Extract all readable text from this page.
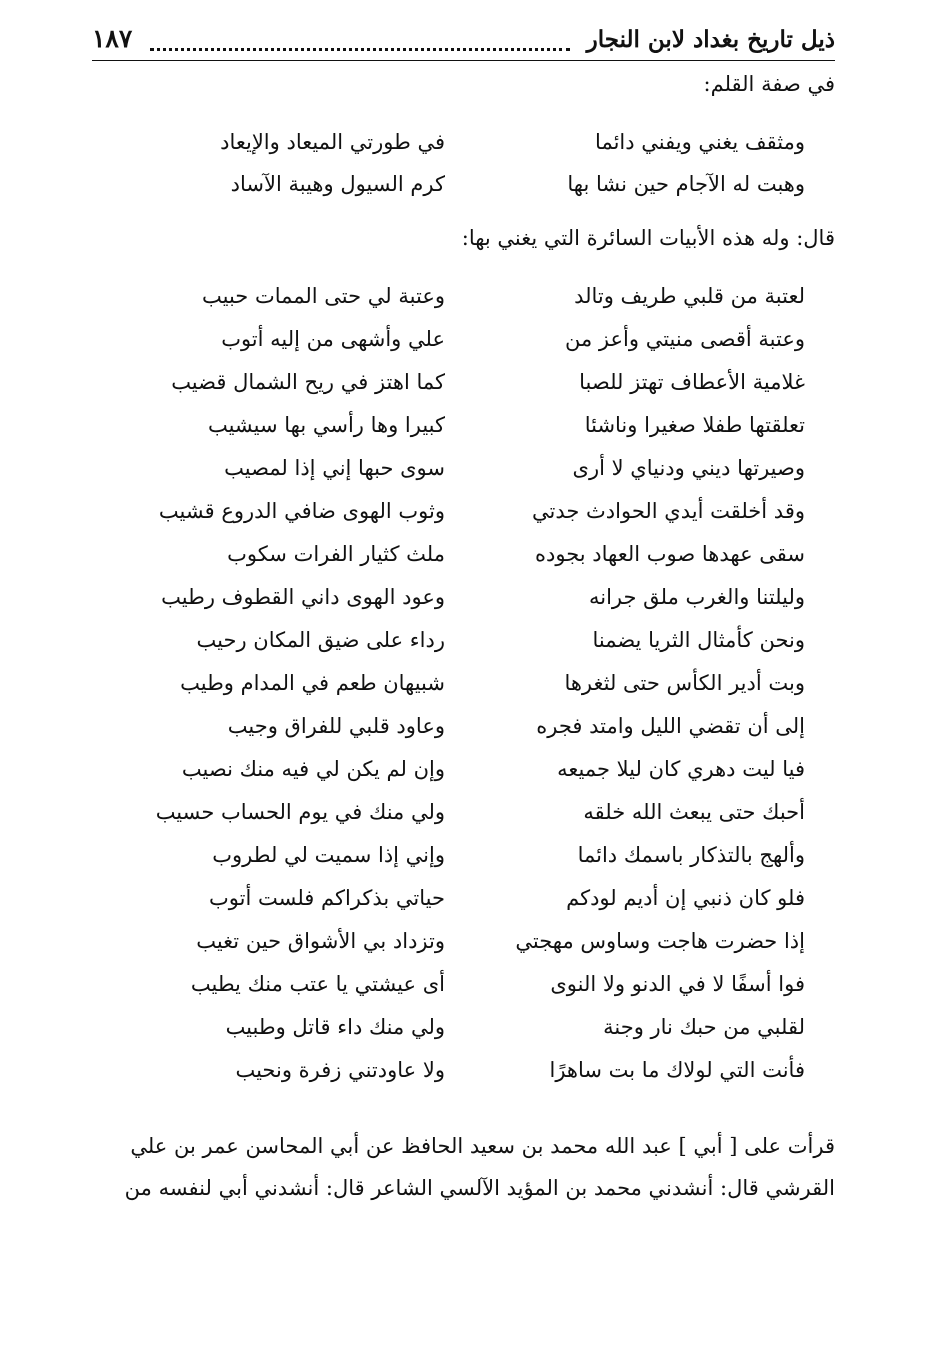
ذيل تاريخ بغداد لابن النجار
١٨٧
في صفة القلم:
ومثقف يغني ويفني دائما
في طورتي الميعاد والإيعاد
وهبت له الآجام حين نشا بها
كرم السيول وهيبة الآساد
قال: وله هذه الأبيات السائرة التي يغني بها:
لعتبة من قلبي طريف وتالد
وعتبة لي حتى الممات حبيب
وعتبة أقصى منيتي وأعز من
علي وأشهى من إليه أتوب
غلامية الأعطاف تهتز للصبا
كما اهتز في ريح الشمال قضيب
تعلقتها طفلا صغيرا وناشئا
كبيرا وها رأسي بها سيشيب
وصيرتها ديني ودنياي لا أرى
سوى حبها إني إذا لمصيب
وقد أخلقت أيدي الحوادث جدتي
وثوب الهوى ضافي الدروع قشيب
سقى عهدها صوب العهاد بجوده
ملث كثيار الفرات سكوب
وليلتنا والغرب ملق جرانه
وعود الهوى داني القطوف رطيب
ونحن كأمثال الثريا يضمنا
رداء على ضيق المكان رحيب
وبت أدير الكأس حتى لثغرها
شبيهان طعم في المدام وطيب
إلى أن تقضي الليل وامتد فجره
وعاود قلبي للفراق وجيب
فيا ليت دهري كان ليلا جميعه
وإن لم يكن لي فيه منك نصيب
أحبك حتى يبعث الله خلقه
ولي منك في يوم الحساب حسيب
وألهج بالتذكار باسمك دائما
وإني إذا سميت لي لطروب
فلو كان ذنبي إن أديم لودكم
حياتي بذكراكم فلست أتوب
إذا حضرت هاجت وساوس مهجتي
وتزداد بي الأشواق حين تغيب
فوا أسفًا لا في الدنو ولا النوى
أى عيشتي يا عتب منك يطيب
لقلبي من حبك نار وجنة
ولي منك داء قاتل وطبيب
فأنت التي لولاك ما بت ساهرًا
ولا عاودتني زفرة ونحيب
قرأت على [ أبي ] عبد الله محمد بن سعيد الحافظ عن أبي المحاسن عمر بن علي
القرشي قال: أنشدني محمد بن المؤيد الآلسي الشاعر قال: أنشدني أبي لنفسه من
